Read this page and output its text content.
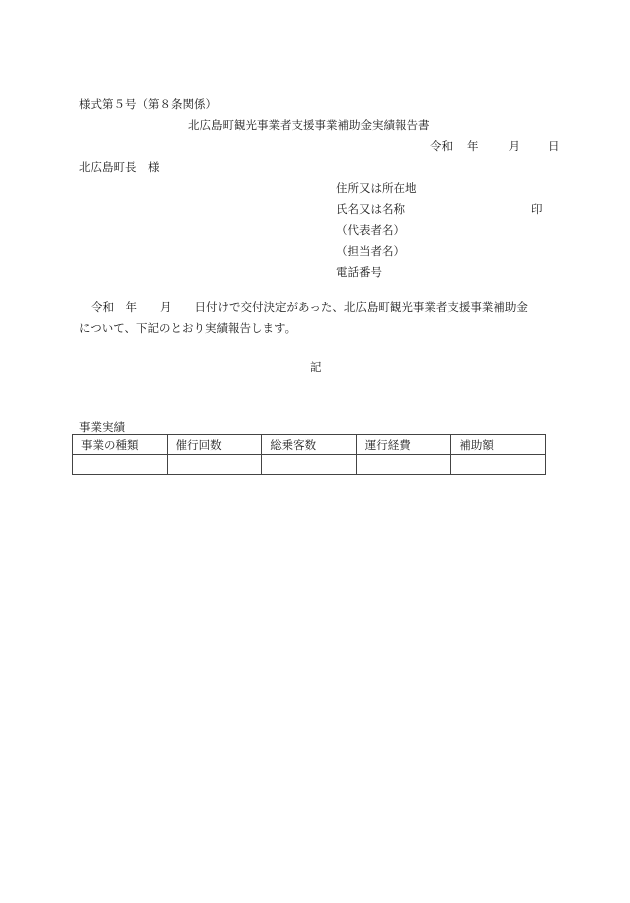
様式第５号（第８条関係）
北広島町観光事業者支援事業補助金実績報告書
令和 年	月 日
北広島町長　様
住所又は所在地
氏名又は名称	印
（代表者名）
（担当者名）
電話番号
令和　年　　月　　日付けで交付決定があった、北広島町観光事業者支援事業補助金
について、下記のとおり実績報告します。
記
事業実績
事業の種類	催行回数	総乗客数	運行経費	補助額
